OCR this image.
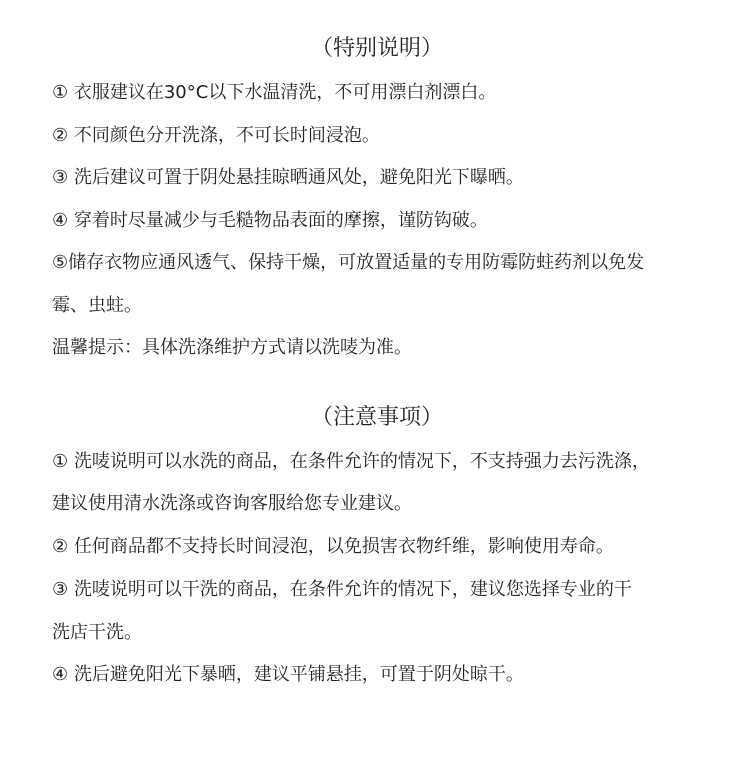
（特别说明）

① 衣服建议在30°C以下水温清洗，不可用漂白剂漂白。

② 不同颜色分开洗涤，不可长时间浸泡。

③ 洗后建议可置于阴处悬挂晾晒通风处，避免阳光下曝晒。

④ 穿着时尽量减少与毛糙物品表面的摩擦，谨防钩破。

⑤储存衣物应通风透气、保持干燥，可放置适量的专用防霉防蛀药剂以免发

霉、虫蛀。

温馨提示：具体洗涤维护方式请以洗唛为准。

（注意事项）

① 洗唛说明可以水洗的商品，在条件允许的情况下，不支持强力去污洗涤，

建议使用清水洗涤或咨询客服给您专业建议。

② 任何商品都不支持长时间浸泡，以免损害衣物纤维，影响使用寿命。

③ 洗唛说明可以干洗的商品，在条件允许的情况下，建议您选择专业的干

洗店干洗。

④ 洗后避免阳光下暴晒，建议平铺悬挂，可置于阴处晾干。
